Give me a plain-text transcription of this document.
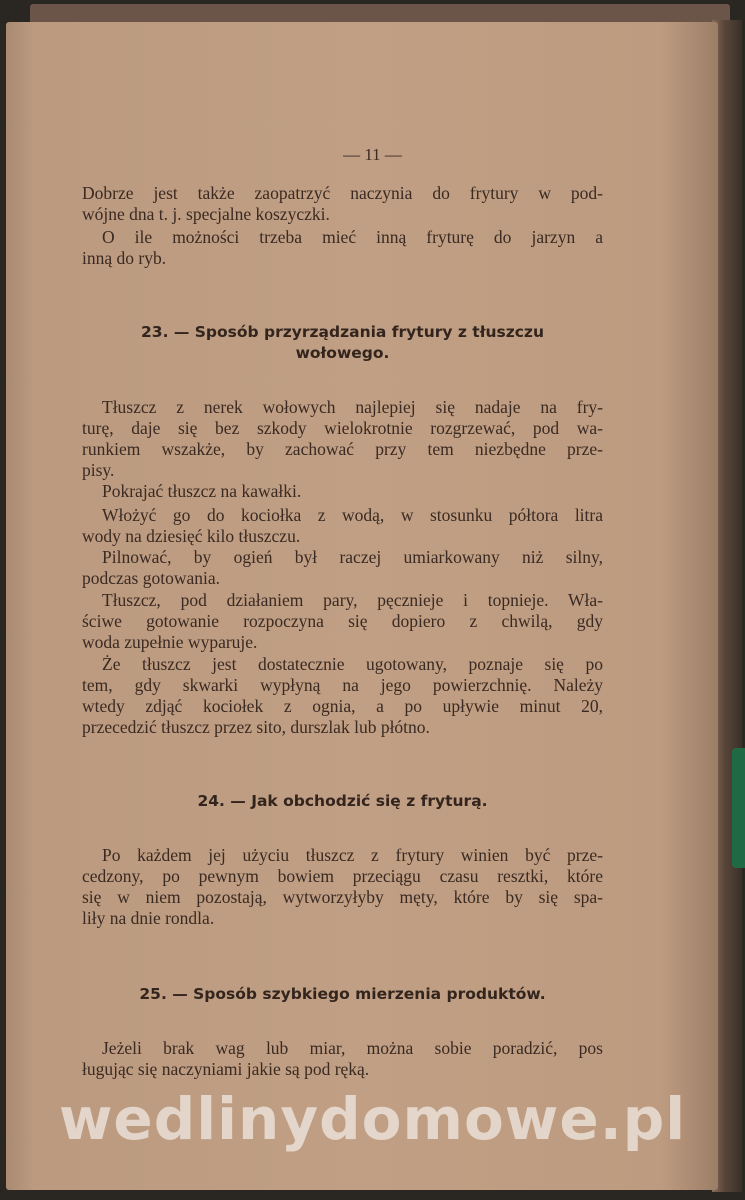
— 11 —
Dobrze jest także zaopatrzyć naczynia do frytury w pod-
wójne dna t. j. specjalne koszyczki.
O ile możności trzeba mieć inną fryturę do jarzyn a
inną do ryb.
23. — Sposób przyrządzania frytury z tłuszczu
wołowego.
Tłuszcz z nerek wołowych najlepiej się nadaje na fry-
turę, daje się bez szkody wielokrotnie rozgrzewać, pod wa-
runkiem wszakże, by zachować przy tem niezbędne prze-
pisy.
Pokrajać tłuszcz na kawałki.
Włożyć go do kociołka z wodą, w stosunku półtora litra
wody na dziesięć kilo tłuszczu.
Pilnować, by ogień był raczej umiarkowany niż silny,
podczas gotowania.
Tłuszcz, pod działaniem pary, pęcznieje i topnieje. Wła-
ściwe gotowanie rozpoczyna się dopiero z chwilą, gdy
woda zupełnie wyparuje.
Że tłuszcz jest dostatecznie ugotowany, poznaje się po
tem, gdy skwarki wypłyną na jego powierzchnię. Należy
wtedy zdjąć kociołek z ognia, a po upływie minut 20,
przecedzić tłuszcz przez sito, durszlak lub płótno.
24. — Jak obchodzić się z fryturą.
Po każdem jej użyciu tłuszcz z frytury winien być prze-
cedzony, po pewnym bowiem przeciągu czasu resztki, które
się w niem pozostają, wytworzyłyby męty, które by się spa-
liły na dnie rondla.
25. — Sposób szybkiego mierzenia produktów.
Jeżeli brak wag lub miar, można sobie poradzić, pos
ługując się naczyniami jakie są pod ręką.
wedlinydomowe.pl
